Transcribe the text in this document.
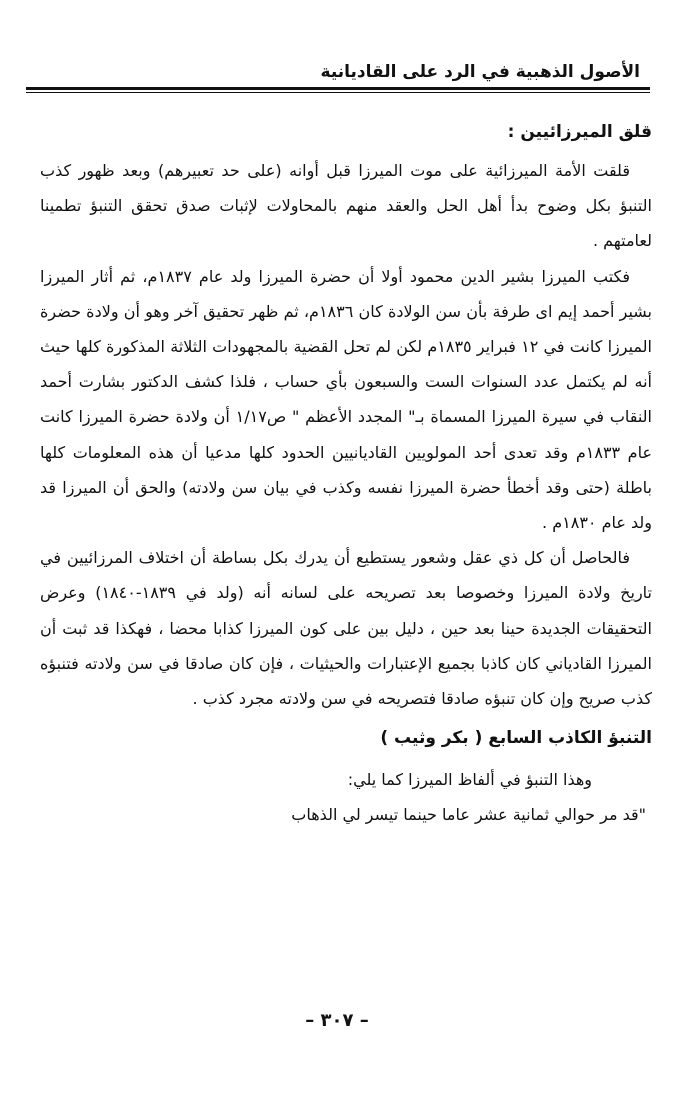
الأصول الذهبية في الرد على القاديانية
قلق الميرزائيين :

قلقت الأمة الميرزائية على موت الميرزا قبل أوانه (على حد تعبيرهم) وبعد ظهور كذب التنبؤ بكل وضوح بدأ أهل الحل والعقد منهم بالمحاولات لإثبات صدق تحقق التنبؤ تطمينا لعامتهم .

فكتب الميرزا بشير الدين محمود أولا أن حضرة الميرزا ولد عام ١٨٣٧م، ثم أثار الميرزا بشير أحمد إيم اى طرفة بأن سن الولادة كان ١٨٣٦م، ثم ظهر تحقيق آخر وهو أن ولادة حضرة الميرزا كانت في ١٢ فبراير ١٨٣٥م لكن لم تحل القضية بالمجهودات الثلاثة المذكورة كلها حيث أنه لم يكتمل عدد السنوات الست والسبعون بأي حساب ، فلذا كشف الدكتور بشارت أحمد النقاب في سيرة الميرزا المسماة بـ" المجدد الأعظم " ص١/١٧ أن ولادة حضرة الميرزا كانت عام ١٨٣٣م وقد تعدى أحد المولويين القاديانيين الحدود كلها مدعيا أن هذه المعلومات كلها باطلة (حتى وقد أخطأ حضرة الميرزا نفسه وكذب في بيان سن ولادته) والحق أن الميرزا قد ولد عام ١٨٣٠م .

فالحاصل أن كل ذي عقل وشعور يستطيع أن يدرك بكل بساطة أن اختلاف المرزائيين في تاريخ ولادة الميرزا وخصوصا بعد تصريحه على لسانه أنه (ولد في ١٨٣٩-١٨٤٠) وعرض التحقيقات الجديدة حينا بعد حين ، دليل بين على كون الميرزا كذابا محضا ، فهكذا قد ثبت أن الميرزا القادياني كان كاذبا بجميع الإعتبارات والحيثيات ، فإن كان صادقا في سن ولادته فتنبؤه كذب صريح وإن كان تنبؤه صادقا فتصريحه في سن ولادته مجرد كذب .

التنبؤ الكاذب السابع ( بكر وثيب )

وهذا التنبؤ في ألفاظ الميرزا كما يلي:

"قد مر حوالي ثمانية عشر عاما حينما تيسر لي الذهاب

– ٣٠٧ –
